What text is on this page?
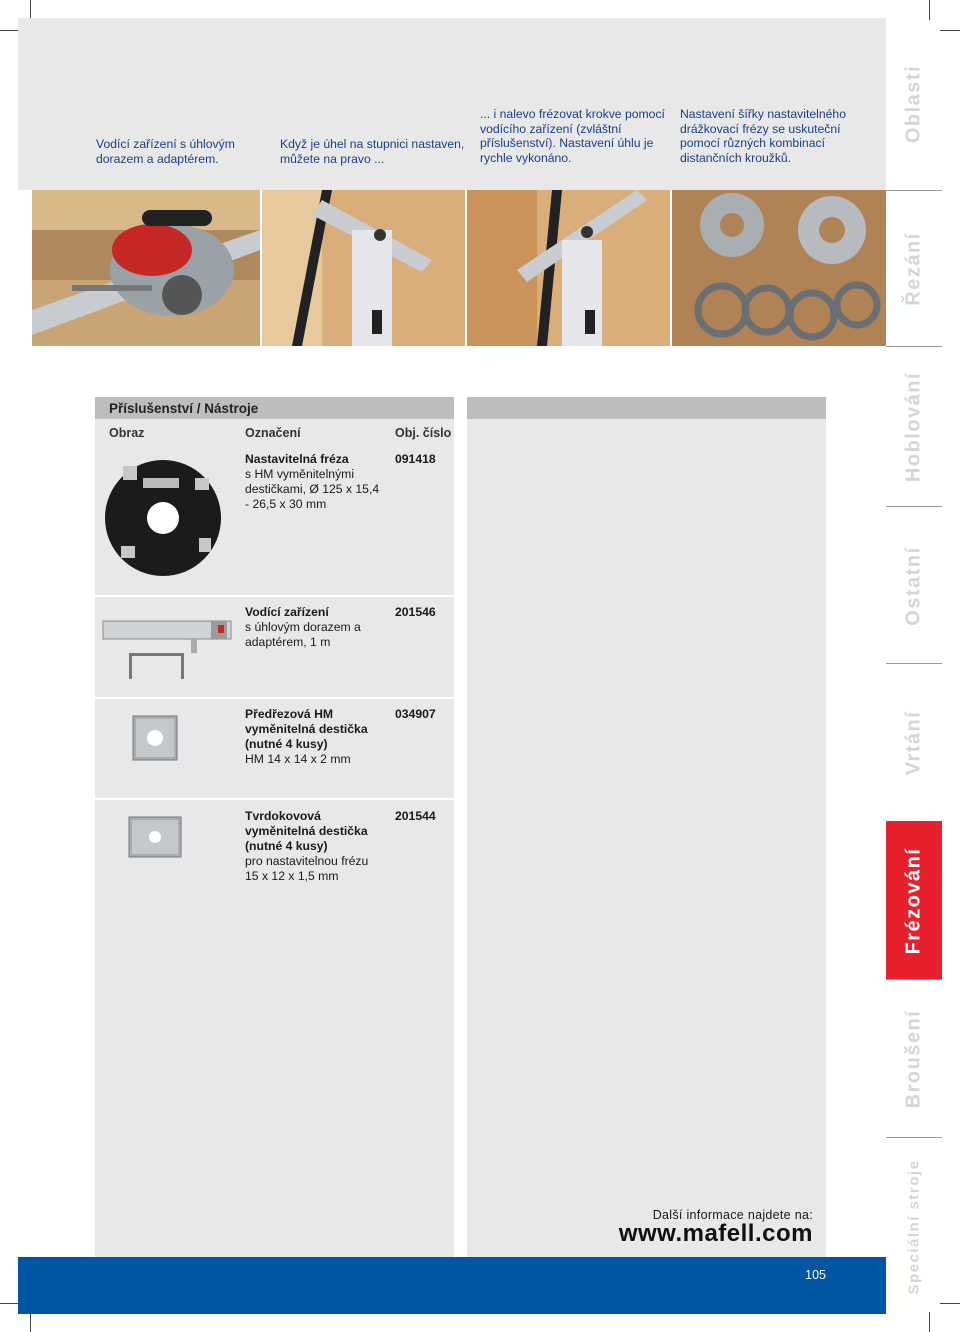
Vodící zařízení s úhlovým dorazem a adaptérem.
Když je úhel na stupnici nastaven, můžete na pravo ...
... i nalevo frézovat krokve pomocí vodícího zařízení (zvláštní příslušenství). Nastavení úhlu je rychle vykonáno.
Nastavení šířky nastavitelného drážkovací frézy se uskuteční pomocí různých kombinací distančních kroužků.
Oblasti
Řezání
Hoblování
Ostatní
Vrtání
Frézování
Broušení
Speciální stroje
Příslušenství / Nástroje
Obraz	Označení	Obj. číslo
Nastavitelná fréza
s HM vyměnitelnými destičkami, Ø 125 x 15,4 - 26,5 x 30 mm
091418
Vodící zařízení
s úhlovým dorazem a adaptérem, 1 m
201546
Předřezová HM vyměnitelná destička (nutné 4 kusy)
HM 14 x 14 x 2 mm
034907
Tvrdokovová vyměnitelná destička (nutné 4 kusy)
pro nastavitelnou frézu 15 x 12 x 1,5 mm
201544
Další informace najdete na:
www.mafell.com
105
